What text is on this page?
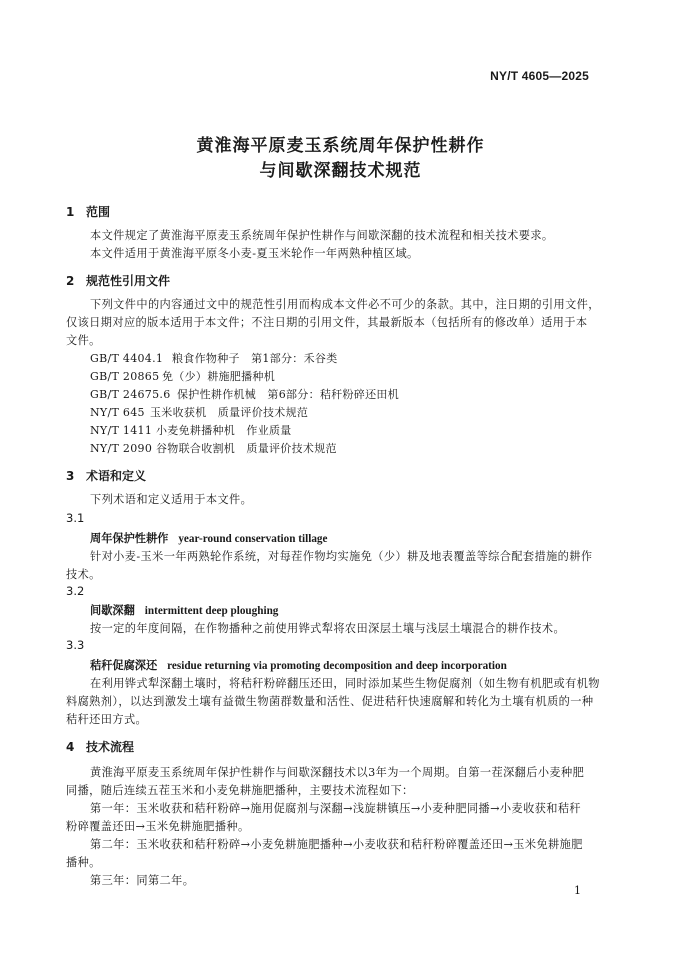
NY/T 4605—2025
黄淮海平原麦玉系统周年保护性耕作
与间歇深翻技术规范
1 范围
本文件规定了黄淮海平原麦玉系统周年保护性耕作与间歇深翻的技术流程和相关技术要求。
本文件适用于黄淮海平原冬小麦-夏玉米轮作一年两熟种植区域。
2 规范性引用文件
下列文件中的内容通过文中的规范性引用而构成本文件必不可少的条款。其中，注日期的引用文件，
仅该日期对应的版本适用于本文件；不注日期的引用文件，其最新版本（包括所有的修改单）适用于本
文件。
GB/T 4404.1 粮食作物种子　第1部分：禾谷类
GB/T 20865 免（少）耕施肥播种机
GB/T 24675.6 保护性耕作机械　第6部分：秸秆粉碎还田机
NY/T 645 玉米收获机　质量评价技术规范
NY/T 1411 小麦免耕播种机　作业质量
NY/T 2090 谷物联合收割机　质量评价技术规范
3 术语和定义
下列术语和定义适用于本文件。
3.1
周年保护性耕作 year-round conservation tillage
针对小麦-玉米一年两熟轮作系统，对每茬作物均实施免（少）耕及地表覆盖等综合配套措施的耕作
技术。
3.2
间歇深翻 intermittent deep ploughing
按一定的年度间隔，在作物播种之前使用铧式犁将农田深层土壤与浅层土壤混合的耕作技术。
3.3
秸秆促腐深还 residue returning via promoting decomposition and deep incorporation
在利用铧式犁深翻土壤时，将秸秆粉碎翻压还田，同时添加某些生物促腐剂（如生物有机肥或有机物
料腐熟剂），以达到激发土壤有益微生物菌群数量和活性、促进秸秆快速腐解和转化为土壤有机质的一种
秸秆还田方式。
4 技术流程
黄淮海平原麦玉系统周年保护性耕作与间歇深翻技术以3年为一个周期。自第一茬深翻后小麦种肥
同播，随后连续五茬玉米和小麦免耕施肥播种，主要技术流程如下：
第一年：玉米收获和秸秆粉碎→施用促腐剂与深翻→浅旋耕镇压→小麦种肥同播→小麦收获和秸秆
粉碎覆盖还田→玉米免耕施肥播种。
第二年：玉米收获和秸秆粉碎→小麦免耕施肥播种→小麦收获和秸秆粉碎覆盖还田→玉米免耕施肥
播种。
第三年：同第二年。
1
